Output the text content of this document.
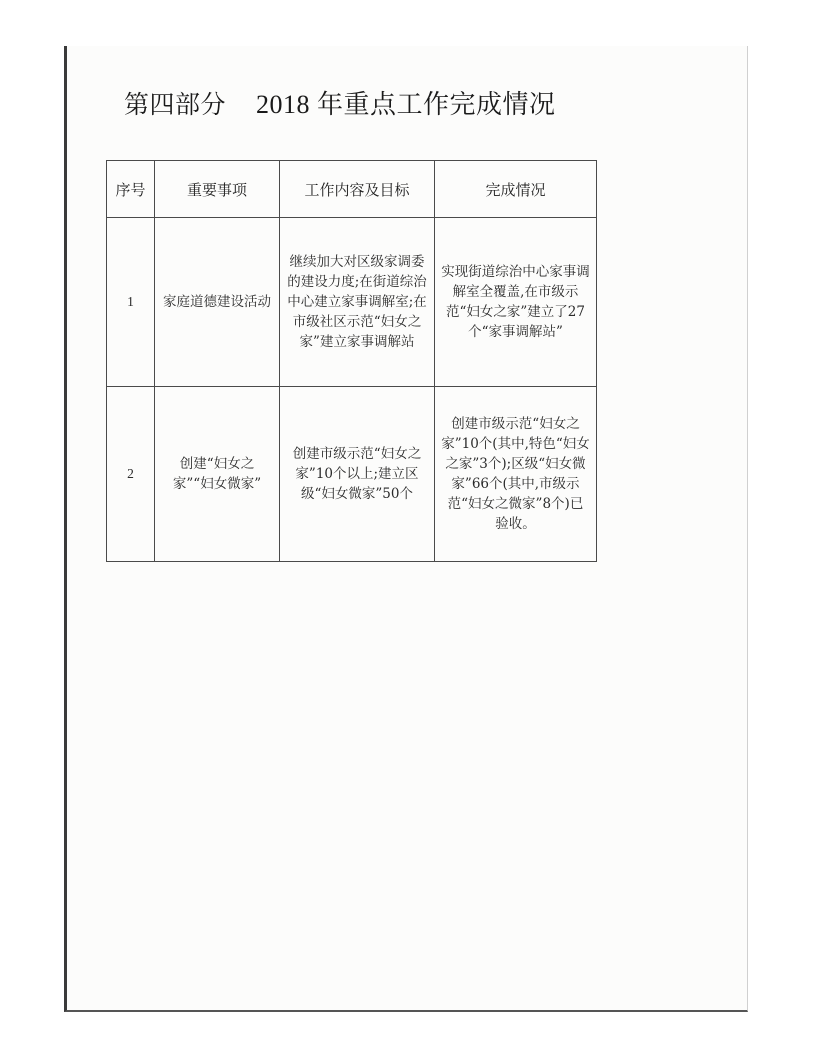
第四部分 2018 年重点工作完成情况
序号	重要事项	工作内容及目标	完成情况
1	家庭道德建设活动	继续加大对区级家调委的建设力度;在街道综治中心建立家事调解室;在市级社区示范“妇女之家”建立家事调解站	实现街道综治中心家事调解室全覆盖,在市级示范“妇女之家”建立了27个“家事调解站”
2	创建“妇女之家”“妇女微家”	创建市级示范“妇女之家”10个以上;建立区级“妇女微家”50个	创建市级示范“妇女之家”10个(其中,特色“妇女之家”3个);区级“妇女微家”66个(其中,市级示范“妇女之微家”8个)已验收。
